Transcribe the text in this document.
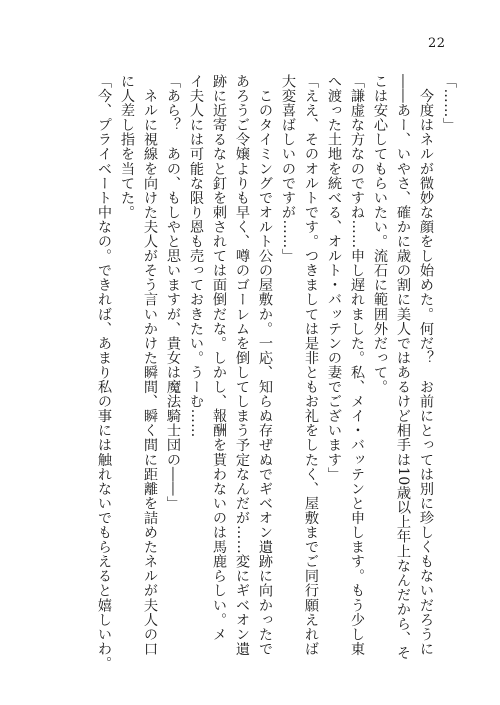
22
「……」
　今度はネルが微妙な顔をし始めた。何だ？　お前にとっては別に珍しくもないだろうに
――あー、いやさ、確かに歳の割に美人ではあるけど相手は10歳以上年上なんだから、そ
こは安心してもらいたい。流石に範囲外だって。
「謙虚な方なのですね……申し遅れました。私、メイ・バッテンと申します。もう少し東
へ渡った土地を統べる、オルト・バッテンの妻でございます」
「ええ、そのオルトです。つきましては是非ともお礼をしたく、屋敷までご同行願えれば
大変喜ばしいのですが……」
　このタイミングでオルト公の屋敷か。一応、知らぬ存ぜぬでギベオン遺跡に向かったで
あろうご令嬢よりも早く、噂のゴーレムを倒してしまう予定なんだが……変にギベオン遺
跡に近寄るなと釘を刺されては面倒だな。しかし、報酬を貰わないのは馬鹿らしい。メ
イ夫人には可能な限り恩も売っておきたい。うーむ……
「あら？　あの、もしやと思いますが、貴女は魔法騎士団の――」
　ネルに視線を向けた夫人がそう言いかけた瞬間、瞬く間に距離を詰めたネルが夫人の口
に人差し指を当てた。
「今、プライベート中なの。できれば、あまり私の事には触れないでもらえると嬉しいわ。
